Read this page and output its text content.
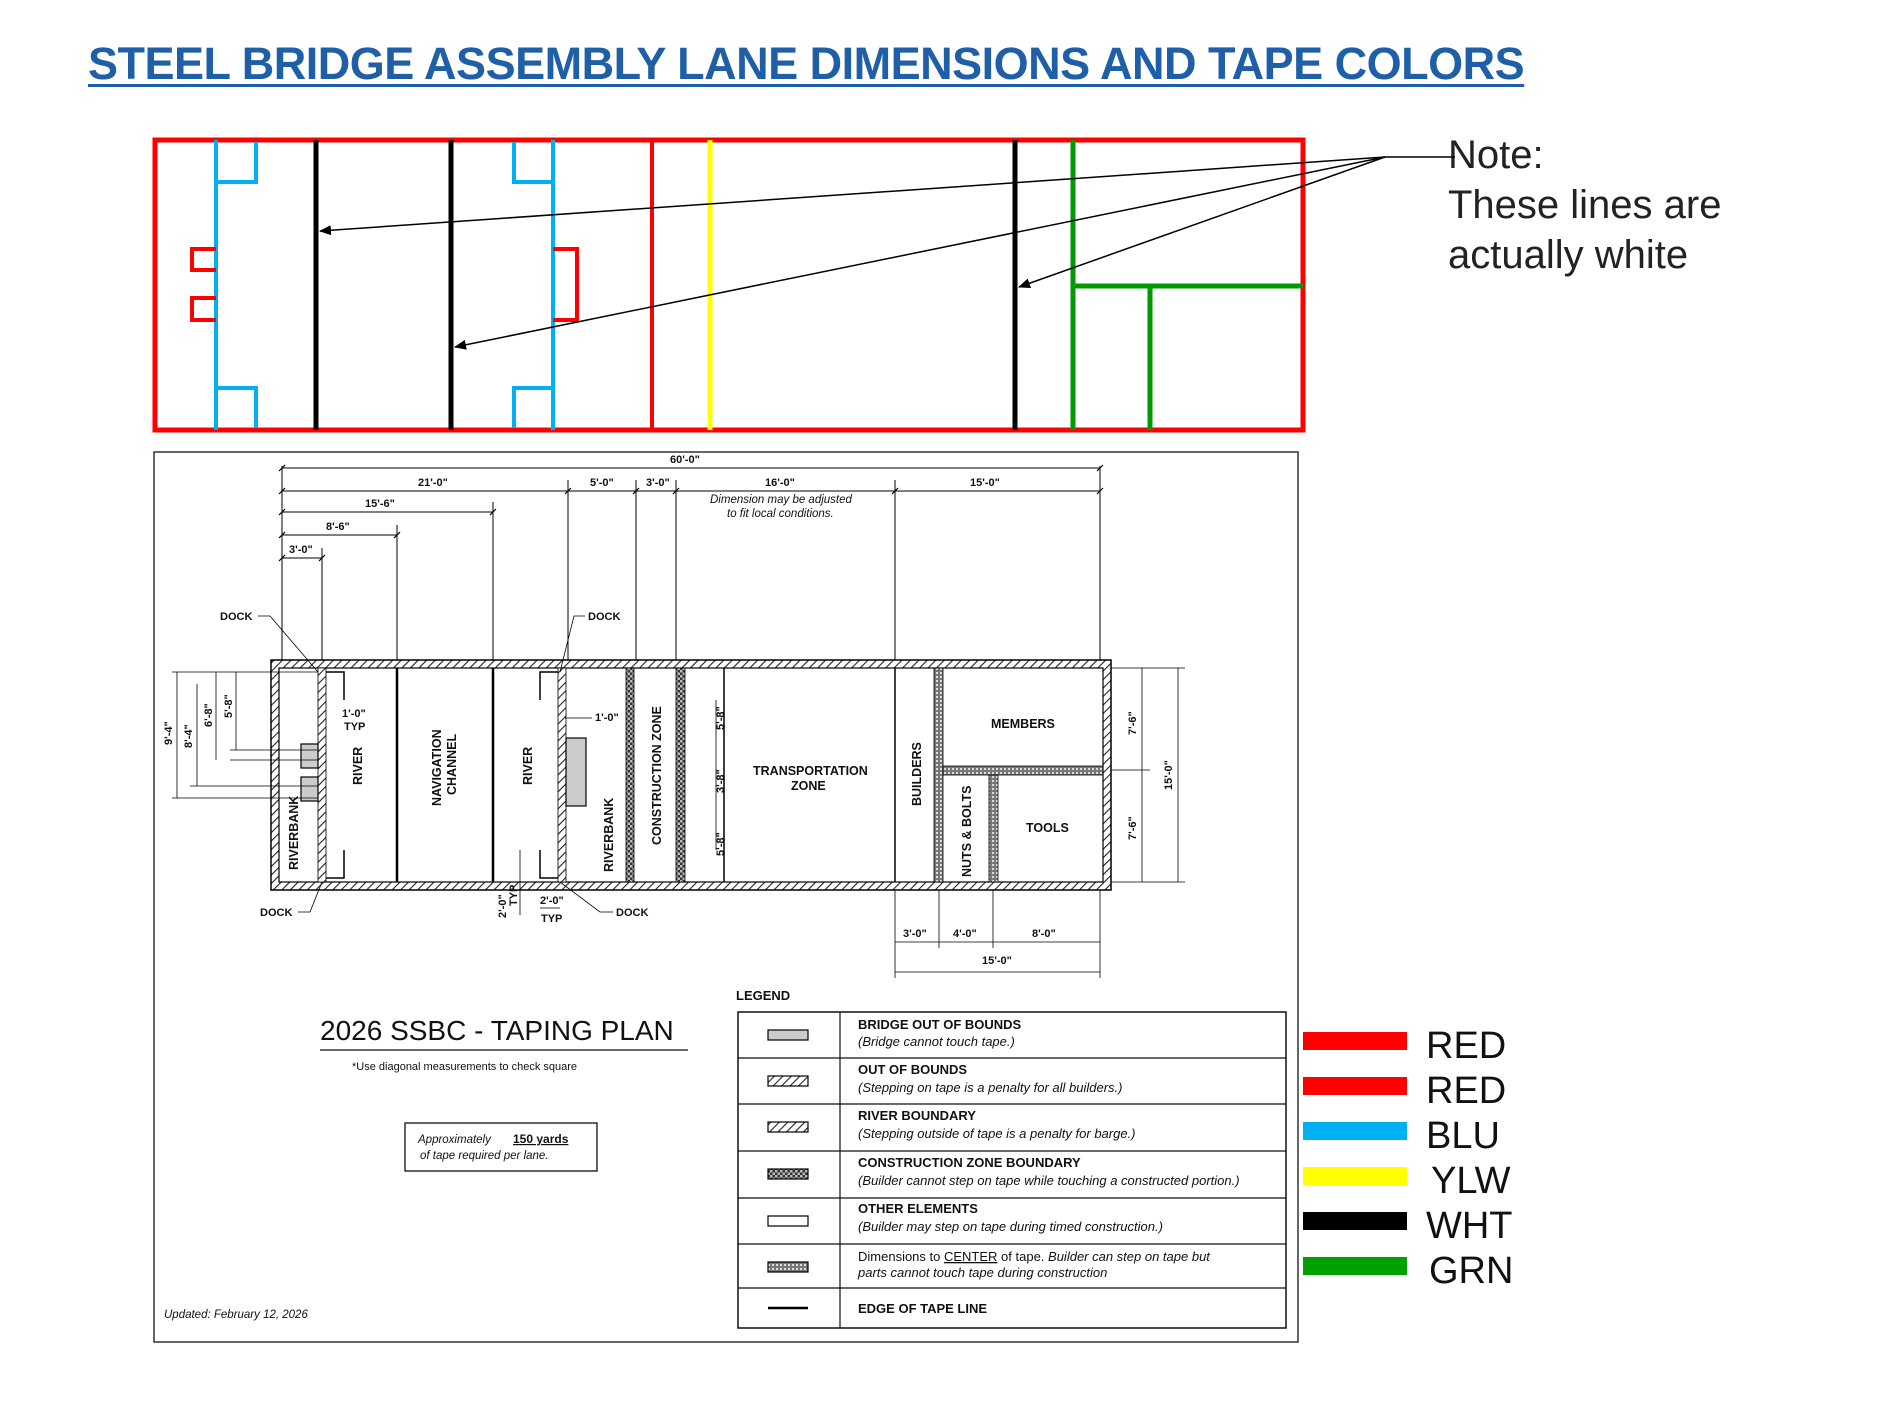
STEEL BRIDGE ASSEMBLY LANE DIMENSIONS AND TAPE COLORS
Note:
These lines are
actually white
60'-0"
21'-0"	5'-0"	3'-0"	16'-0"	15'-0"
15'-6"
8'-6"
3'-0"
Dimension may be adjusted
to fit local conditions.
RIVERBANK
RIVER	NAVIGATION CHANNEL	RIVER
RIVERBANK	CONSTRUCTION ZONE	TRANSPORTATION
ZONE	BUILDERS
MEMBERS
NUTS & BOLTS	TOOLS
5'-8"
3'-8"
5'-8"
DOCK	DOCK
DOCK	DOCK
1'-0"
TYP
1'-0"
9'-4" 8'-4"
6'-8" 5'-8"
7'-6"
7'-6"
15'-0"
3'-0" 4'-0"	8'-0"
15'-0"
2'-0" TYP 2'-0"
TYP
2026 SSBC - TAPING PLAN
*Use diagonal measurements to check square
Approximately 150 yards
of tape required per lane.
Updated: February 12, 2026
LEGEND
BRIDGE OUT OF BOUNDS
(Bridge cannot touch tape.)
OUT OF BOUNDS
(Stepping on tape is a penalty for all builders.)
RIVER BOUNDARY
(Stepping outside of tape is a penalty for barge.)
CONSTRUCTION ZONE BOUNDARY
(Builder cannot step on tape while touching a constructed portion.)
OTHER ELEMENTS
(Builder may step on tape during timed construction.)
Dimensions to CENTER of tape. Builder can step on tape but
parts cannot touch tape during construction
EDGE OF TAPE LINE
RED
RED
BLU
YLW
WHT
GRN
